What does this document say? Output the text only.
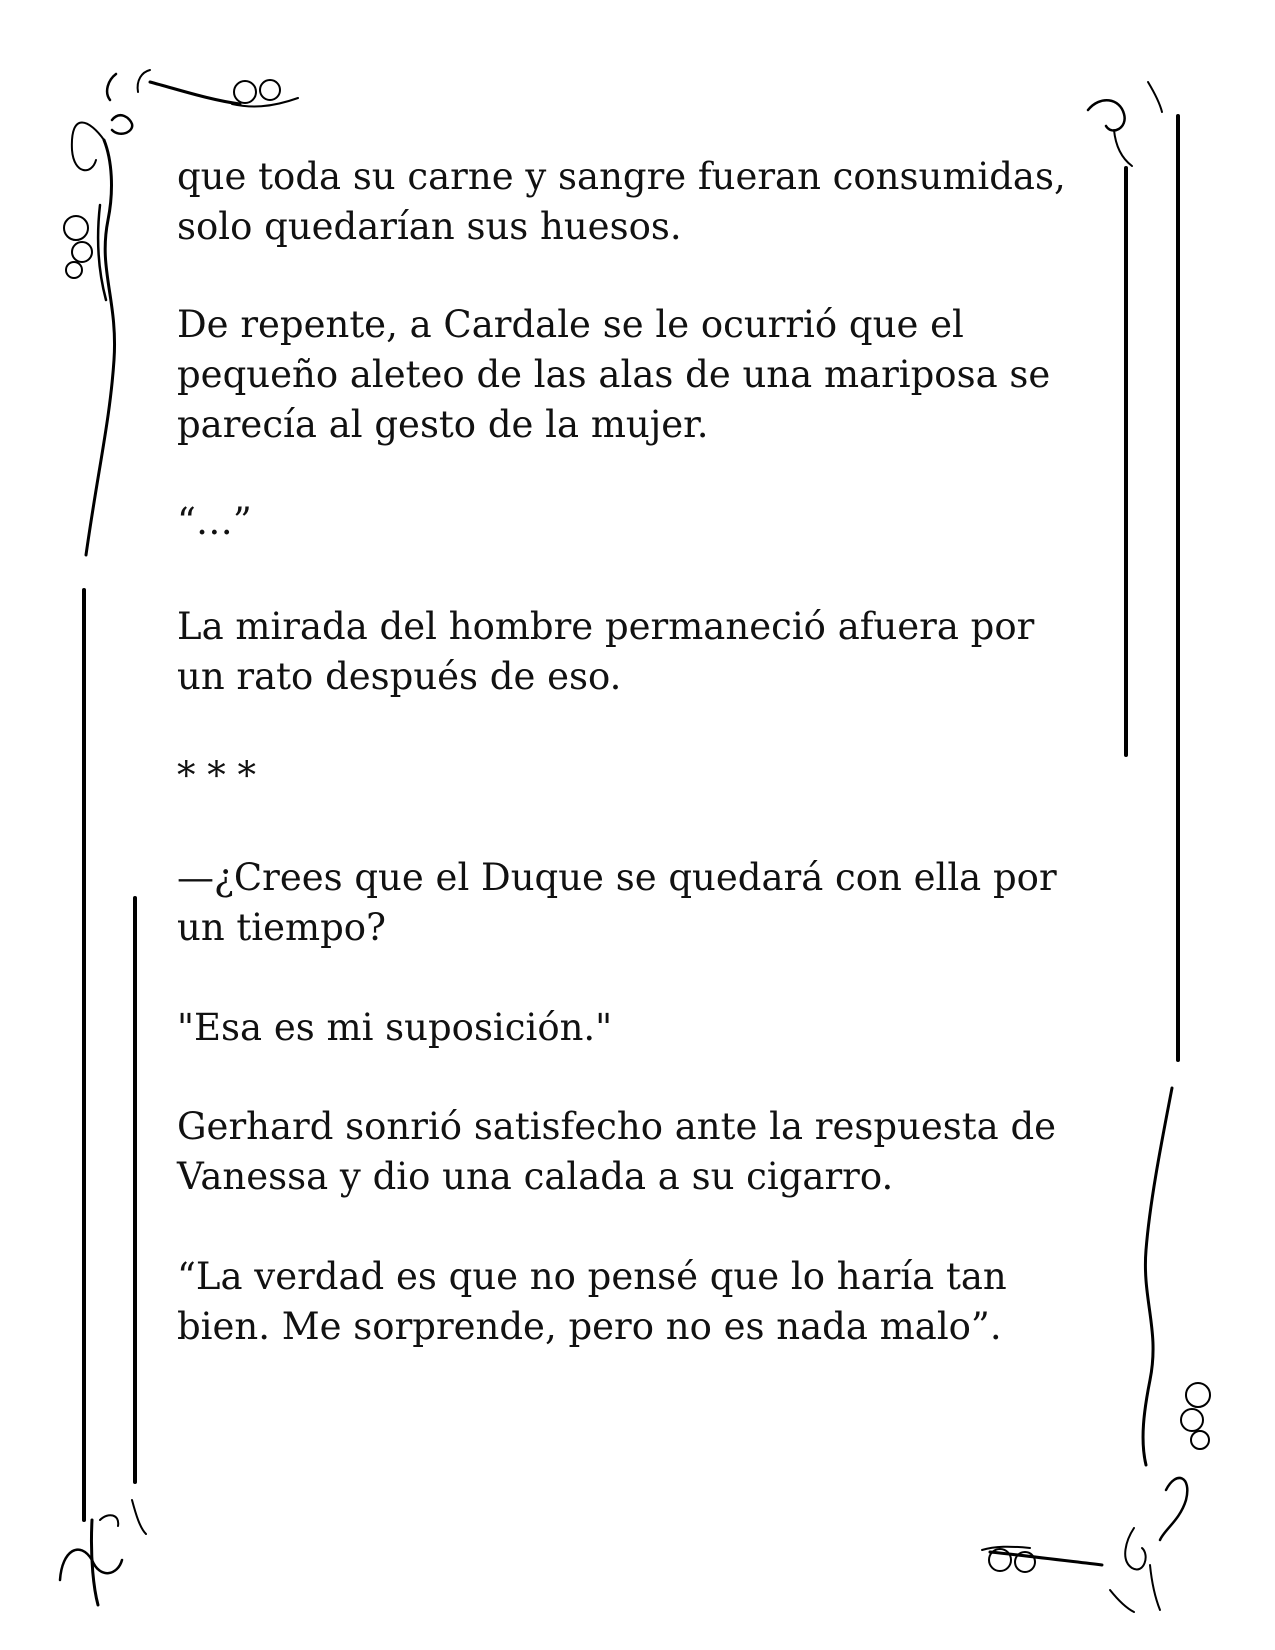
que toda su carne y sangre fueran consumidas,
solo quedarían sus huesos.

De repente, a Cardale se le ocurrió que el
pequeño aleteo de las alas de una mariposa se
parecía al gesto de la mujer.

“…”

La mirada del hombre permaneció afuera por
un rato después de eso.

* * *

—¿Crees que el Duque se quedará con ella por
un tiempo?

"Esa es mi suposición."

Gerhard sonrió satisfecho ante la respuesta de
Vanessa y dio una calada a su cigarro.

“La verdad es que no pensé que lo haría tan
bien. Me sorprende, pero no es nada malo”.
